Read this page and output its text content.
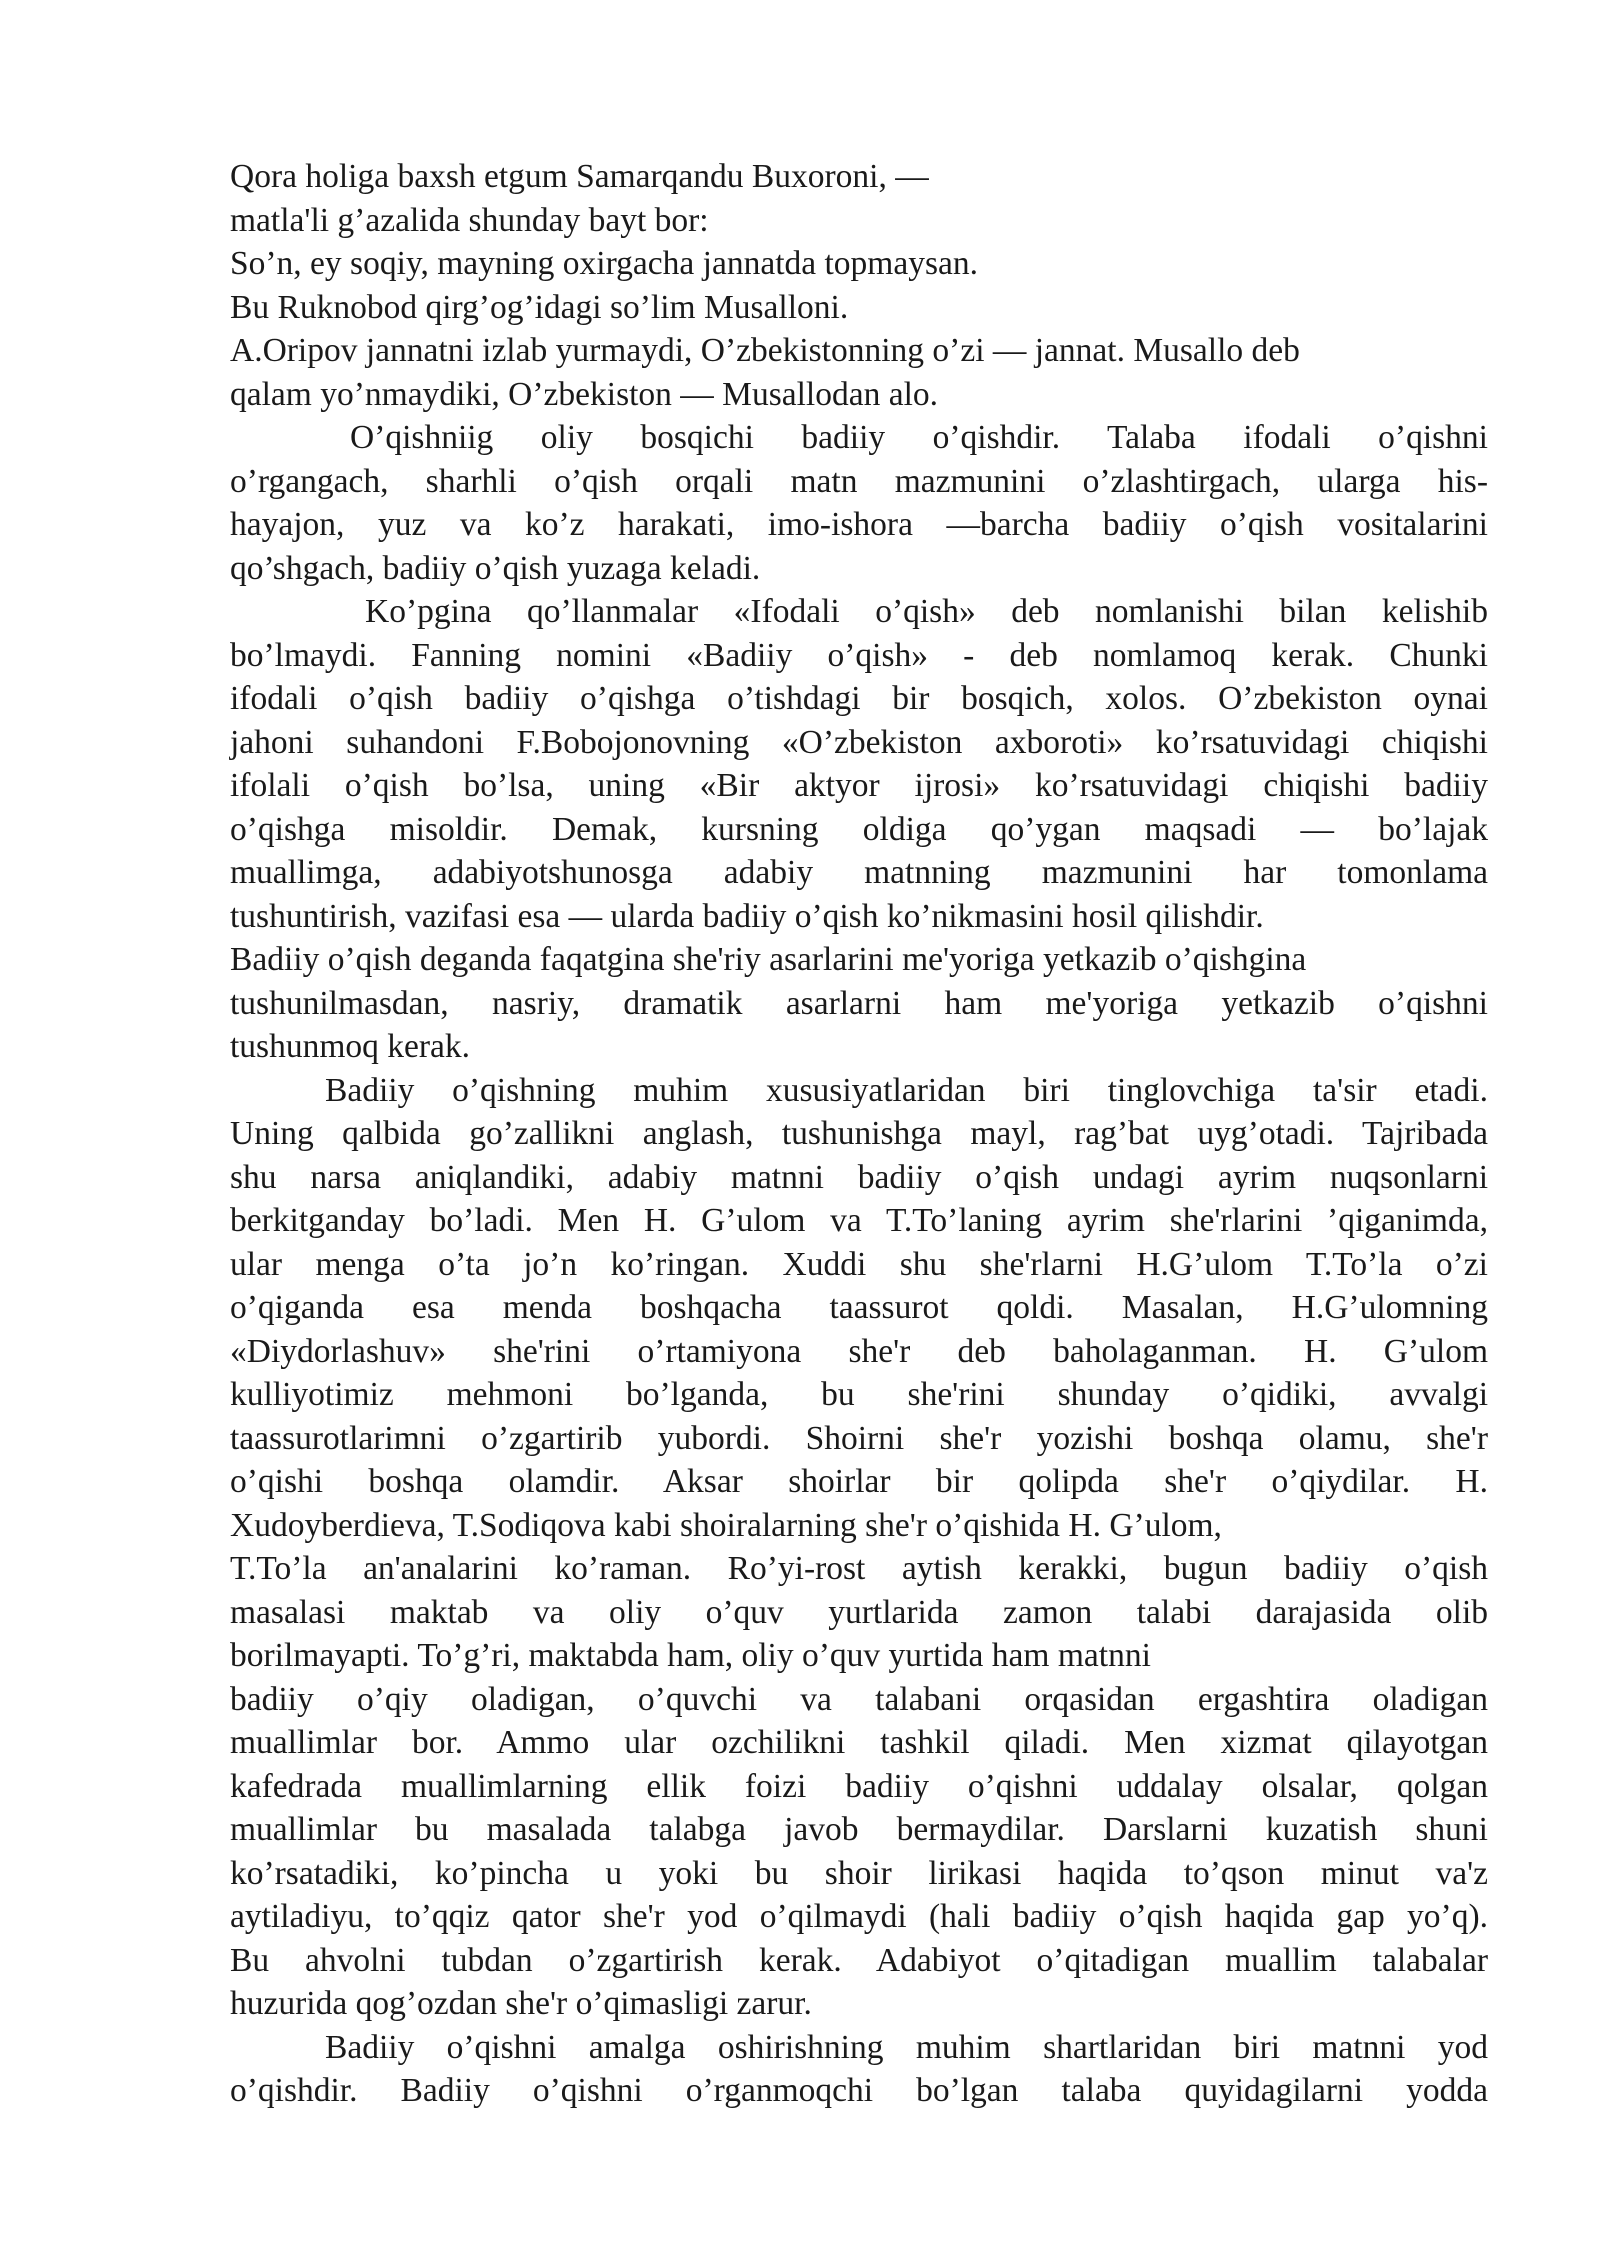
Qora holiga baxsh etgum Samarqandu Buxoroni, —
matla'li g’azalida shunday bayt bor:
So’n, ey soqiy, mayning oxirgacha jannatda topmaysan.
Bu Ruknobod qirg’og’idagi so’lim Musalloni.
A.Oripov jannatni izlab yurmaydi, O’zbekistonning o’zi — jannat. Musallo deb
qalam yo’nmaydiki, O’zbekiston — Musallodan alo.
O’qishniig oliy bosqichi badiiy o’qishdir. Talaba ifodali o’qishni
o’rgangach, sharhli o’qish orqali matn mazmunini o’zlashtirgach, ularga his-
hayajon, yuz va ko’z harakati, imo-ishora —barcha badiiy o’qish vositalarini
qo’shgach, badiiy o’qish yuzaga keladi.
Ko’pgina qo’llanmalar «Ifodali o’qish» deb nomlanishi bilan kelishib
bo’lmaydi. Fanning nomini «Badiiy o’qish» - deb nomlamoq kerak. Chunki
ifodali o’qish badiiy o’qishga o’tishdagi bir bosqich, xolos. O’zbekiston oynai
jahoni suhandoni F.Bobojonovning «O’zbekiston axboroti» ko’rsatuvidagi chiqishi
ifolali o’qish bo’lsa, uning «Bir aktyor ijrosi» ko’rsatuvidagi chiqishi badiiy
o’qishga misoldir. Demak, kursning oldiga qo’ygan maqsadi — bo’lajak
muallimga, adabiyotshunosga adabiy matnning mazmunini har tomonlama
tushuntirish, vazifasi esa — ularda badiiy o’qish ko’nikmasini hosil qilishdir.
Badiiy o’qish deganda faqatgina she'riy asarlarini me'yoriga yetkazib o’qishgina
tushunilmasdan, nasriy, dramatik asarlarni ham me'yoriga yetkazib o’qishni
tushunmoq kerak.
Badiiy o’qishning muhim xususiyatlaridan biri tinglovchiga ta'sir etadi.
Uning qalbida go’zallikni anglash, tushunishga mayl, rag’bat uyg’otadi. Tajribada
shu narsa aniqlandiki, adabiy matnni badiiy o’qish undagi ayrim nuqsonlarni
berkitganday bo’ladi. Men H. G’ulom va T.To’laning ayrim she'rlarini ’qiganimda,
ular menga o’ta jo’n ko’ringan. Xuddi shu she'rlarni H.G’ulom T.To’la o’zi
o’qiganda esa menda boshqacha taassurot qoldi. Masalan, H.G’ulomning
«Diydorlashuv» she'rini o’rtamiyona she'r deb baholaganman. H. G’ulom
kulliyotimiz mehmoni bo’lganda, bu she'rini shunday o’qidiki, avvalgi
taassurotlarimni o’zgartirib yubordi. Shoirni she'r yozishi boshqa olamu, she'r
o’qishi boshqa olamdir. Aksar shoirlar bir qolipda she'r o’qiydilar. H.
Xudoyberdieva, T.Sodiqova kabi shoiralarning she'r o’qishida H. G’ulom,
T.To’la an'analarini ko’raman. Ro’yi-rost aytish kerakki, bugun badiiy o’qish
masalasi maktab va oliy o’quv yurtlarida zamon talabi darajasida olib
borilmayapti. To’g’ri, maktabda ham, oliy o’quv yurtida ham matnni
badiiy o’qiy oladigan, o’quvchi va talabani orqasidan ergashtira oladigan
muallimlar bor. Ammo ular ozchilikni tashkil qiladi. Men xizmat qilayotgan
kafedrada muallimlarning ellik foizi badiiy o’qishni uddalay olsalar, qolgan
muallimlar bu masalada talabga javob bermaydilar. Darslarni kuzatish shuni
ko’rsatadiki, ko’pincha u yoki bu shoir lirikasi haqida to’qson minut va'z
aytiladiyu, to’qqiz qator she'r yod o’qilmaydi (hali badiiy o’qish haqida gap yo’q).
Bu ahvolni tubdan o’zgartirish kerak. Adabiyot o’qitadigan muallim talabalar
huzurida qog’ozdan she'r o’qimasligi zarur.
Badiiy o’qishni amalga oshirishning muhim shartlaridan biri matnni yod
o’qishdir. Badiiy o’qishni o’rganmoqchi bo’lgan talaba quyidagilarni yodda
